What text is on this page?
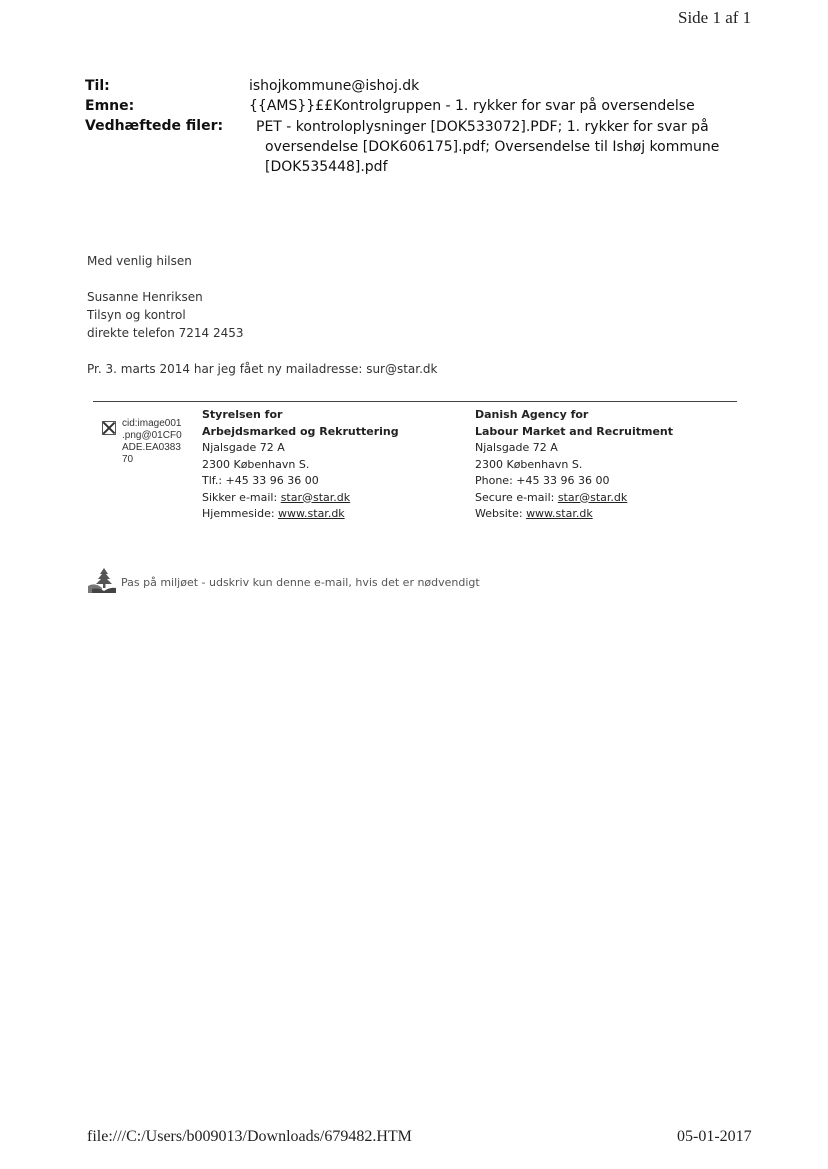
Side 1 af 1
Til:	ishojkommune@ishoj.dk
Emne:	{{AMS}}££Kontrolgruppen - 1. rykker for svar på oversendelse
Vedhæftede filer: PET - kontroloplysninger [DOK533072].PDF; 1. rykker for svar på
oversendelse [DOK606175].pdf; Oversendelse til Ishøj kommune
[DOK535448].pdf
Med venlig hilsen
Susanne Henriksen
Tilsyn og kontrol
direkte telefon 7214 2453
Pr. 3. marts 2014 har jeg fået ny mailadresse: sur@star.dk
cid:image001
.png@01CF0
ADE.EA0383
70
Styrelsen for
Arbejdsmarked og Rekruttering
Njalsgade 72 A
2300 København S.
Tlf.: +45 33 96 36 00
Sikker e-mail: star@star.dk
Hjemmeside: www.star.dk
Danish Agency for
Labour Market and Recruitment
Njalsgade 72 A
2300 København S.
Phone: +45 33 96 36 00
Secure e-mail: star@star.dk
Website: www.star.dk
Pas på miljøet - udskriv kun denne e-mail, hvis det er nødvendigt
file:///C:/Users/b009013/Downloads/679482.HTM	05-01-2017
